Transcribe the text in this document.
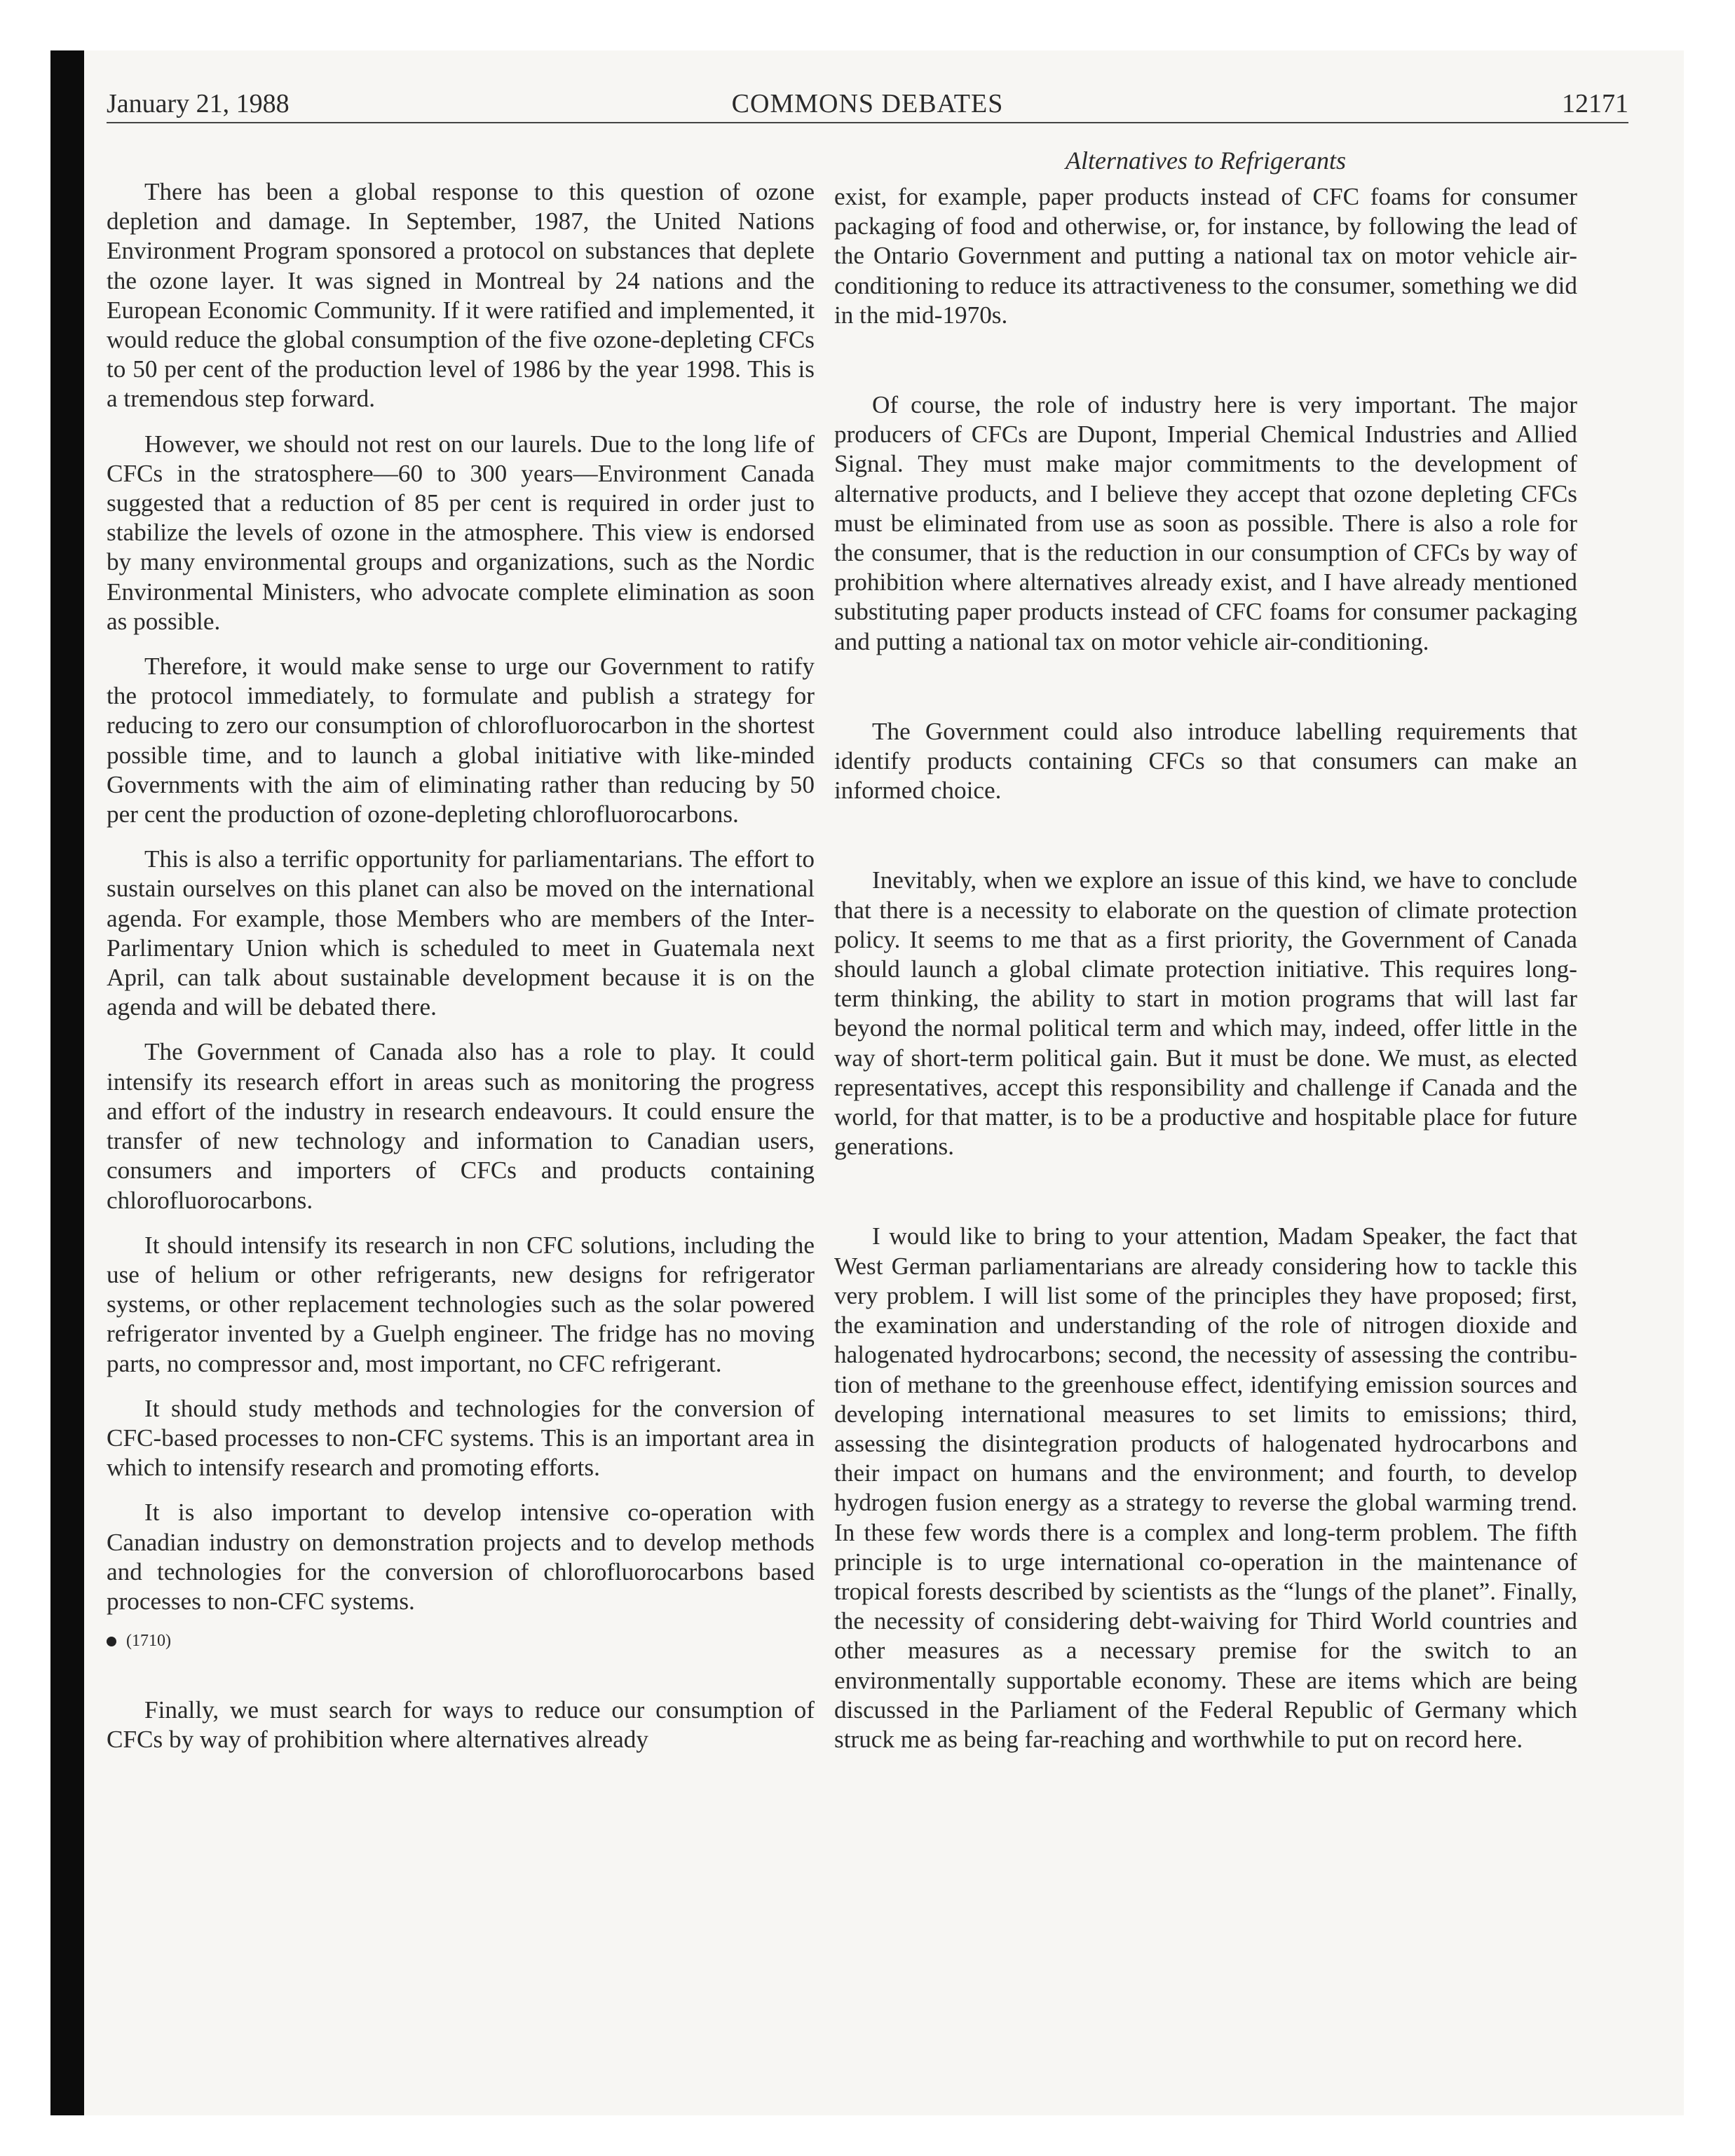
January 21, 1988	COMMONS DEBATES	12171

There has been a global response to this question of ozone depletion and damage. In September, 1987, the United Nations Environment Program sponsored a protocol on substances that deplete the ozone layer. It was signed in Montreal by 24 nations and the European Economic Community. If it were ratified and implemented, it would reduce the global consumption of the five ozone-depleting CFCs to 50 per cent of the production level of 1986 by the year 1998. This is a tremendous step forward.

However, we should not rest on our laurels. Due to the long life of CFCs in the stratosphere—60 to 300 years—Environment Canada suggested that a reduction of 85 per cent is required in order just to stabilize the levels of ozone in the atmosphere. This view is endorsed by many environmental groups and organizations, such as the Nordic Environmental Ministers, who advocate complete elimination as soon as possible.

Therefore, it would make sense to urge our Government to ratify the protocol immediately, to formulate and publish a strategy for reducing to zero our consumption of chlorofluorocarbon in the shortest possible time, and to launch a global initiative with like-minded Governments with the aim of eliminating rather than reducing by 50 per cent the production of ozone-depleting chlorofluorocarbons.

This is also a terrific opportunity for parliamentarians. The effort to sustain ourselves on this planet can also be moved on the international agenda. For example, those Members who are members of the Inter-Parlimentary Union which is scheduled to meet in Guatemala next April, can talk about sustainable development because it is on the agenda and will be debated there.

The Government of Canada also has a role to play. It could intensify its research effort in areas such as monitoring the progress and effort of the industry in research endeavours. It could ensure the transfer of new technology and information to Canadian users, consumers and importers of CFCs and products containing chlorofluorocarbons.

It should intensify its research in non CFC solutions, including the use of helium or other refrigerants, new designs for refrigerator systems, or other replacement technologies such as the solar powered refrigerator invented by a Guelph engineer. The fridge has no moving parts, no compressor and, most important, no CFC refrigerant.

It should study methods and technologies for the conversion of CFC-based processes to non-CFC systems. This is an important area in which to intensify research and promoting efforts.

It is also important to develop intensive co-operation with Canadian industry on demonstration projects and to develop methods and technologies for the conversion of chlorofluorocarbons based processes to non-CFC systems.

(1710)

Finally, we must search for ways to reduce our consumption of CFCs by way of prohibition where alternatives already

Alternatives to Refrigerants

exist, for example, paper products instead of CFC foams for consumer packaging of food and otherwise, or, for instance, by following the lead of the Ontario Government and putting a national tax on motor vehicle air-conditioning to reduce its attractiveness to the consumer, something we did in the mid-1970s.

Of course, the role of industry here is very important. The major producers of CFCs are Dupont, Imperial Chemical Industries and Allied Signal. They must make major commitments to the development of alternative products, and I believe they accept that ozone depleting CFCs must be eliminated from use as soon as possible. There is also a role for the consumer, that is the reduction in our consumption of CFCs by way of prohibition where alternatives already exist, and I have already mentioned substituting paper products instead of CFC foams for consumer packaging and putting a national tax on motor vehicle air-conditioning.

The Government could also introduce labelling requirements that identify products containing CFCs so that consumers can make an informed choice.

Inevitably, when we explore an issue of this kind, we have to conclude that there is a necessity to elaborate on the question of climate protection policy. It seems to me that as a first priority, the Government of Canada should launch a global climate protection initiative. This requires long-term thinking, the ability to start in motion programs that will last far beyond the normal political term and which may, indeed, offer little in the way of short-term political gain. But it must be done. We must, as elected representatives, accept this responsibility and challenge if Canada and the world, for that matter, is to be a productive and hospitable place for future generations.

I would like to bring to your attention, Madam Speaker, the fact that West German parliamentarians are already considering how to tackle this very problem. I will list some of the principles they have proposed; first, the examination and understanding of the role of nitrogen dioxide and halogenated hydrocarbons; second, the necessity of assessing the contribution of methane to the greenhouse effect, identifying emission sources and developing international measures to set limits to emissions; third, assessing the disintegration products of halogenated hydrocarbons and their impact on humans and the environment; and fourth, to develop hydrogen fusion energy as a strategy to reverse the global warming trend. In these few words there is a complex and long-term problem. The fifth principle is to urge international co-operation in the maintenance of tropical forests described by scientists as the “lungs of the planet”. Finally, the necessity of considering debt-waiving for Third World countries and other measures as a necessary premise for the switch to an environmentally supportable economy. These are items which are being discussed in the Parliament of the Federal Republic of Germany which struck me as being far-reaching and worthwhile to put on record here.
